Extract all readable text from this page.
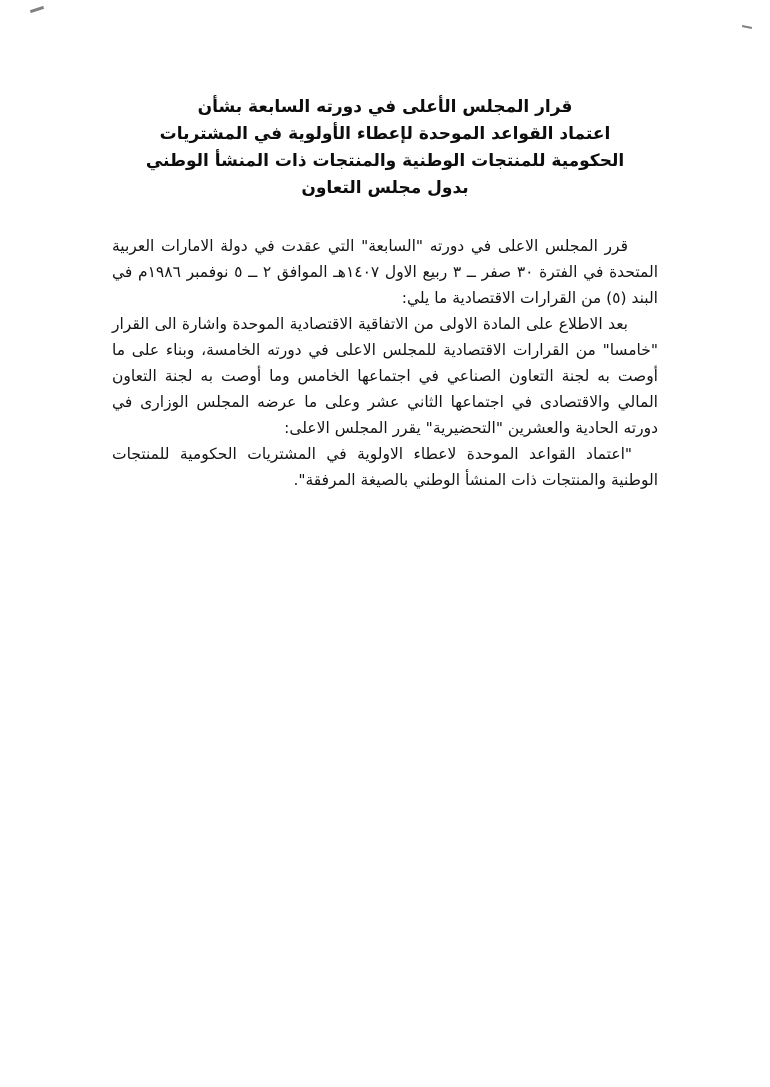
قرار المجلس الأعلى في دورته السابعة بشأن
اعتماد القواعد الموحدة لإعطاء الأولوية في المشتريات
الحكومية للمنتجات الوطنية والمنتجات ذات المنشأ الوطني
بدول مجلس التعاون

قرر المجلس الاعلى في دورته "السابعة" التي عقدت في دولة الامارات العربية المتحدة في الفترة ٣٠ صفر ــ ٣ ربيع الاول ١٤٠٧هـ الموافق ٢ ــ ٥ نوفمبر ١٩٨٦م في البند (٥) من القرارات الاقتصادية ما يلي:

بعد الاطلاع على المادة الاولى من الاتفاقية الاقتصادية الموحدة واشارة الى القرار "خامسا" من القرارات الاقتصادية للمجلس الاعلى في دورته الخامسة، وبناء على ما أوصت به لجنة التعاون الصناعي في اجتماعها الخامس وما أوصت به لجنة التعاون المالي والاقتصادى في اجتماعها الثاني عشر وعلى ما عرضه المجلس الوزارى في دورته الحادية والعشرين "التحضيرية" يقرر المجلس الاعلى:

"اعتماد القواعد الموحدة لاعطاء الاولوية في المشتريات الحكومية للمنتجات الوطنية والمنتجات ذات المنشأ الوطني بالصيغة المرفقة".
